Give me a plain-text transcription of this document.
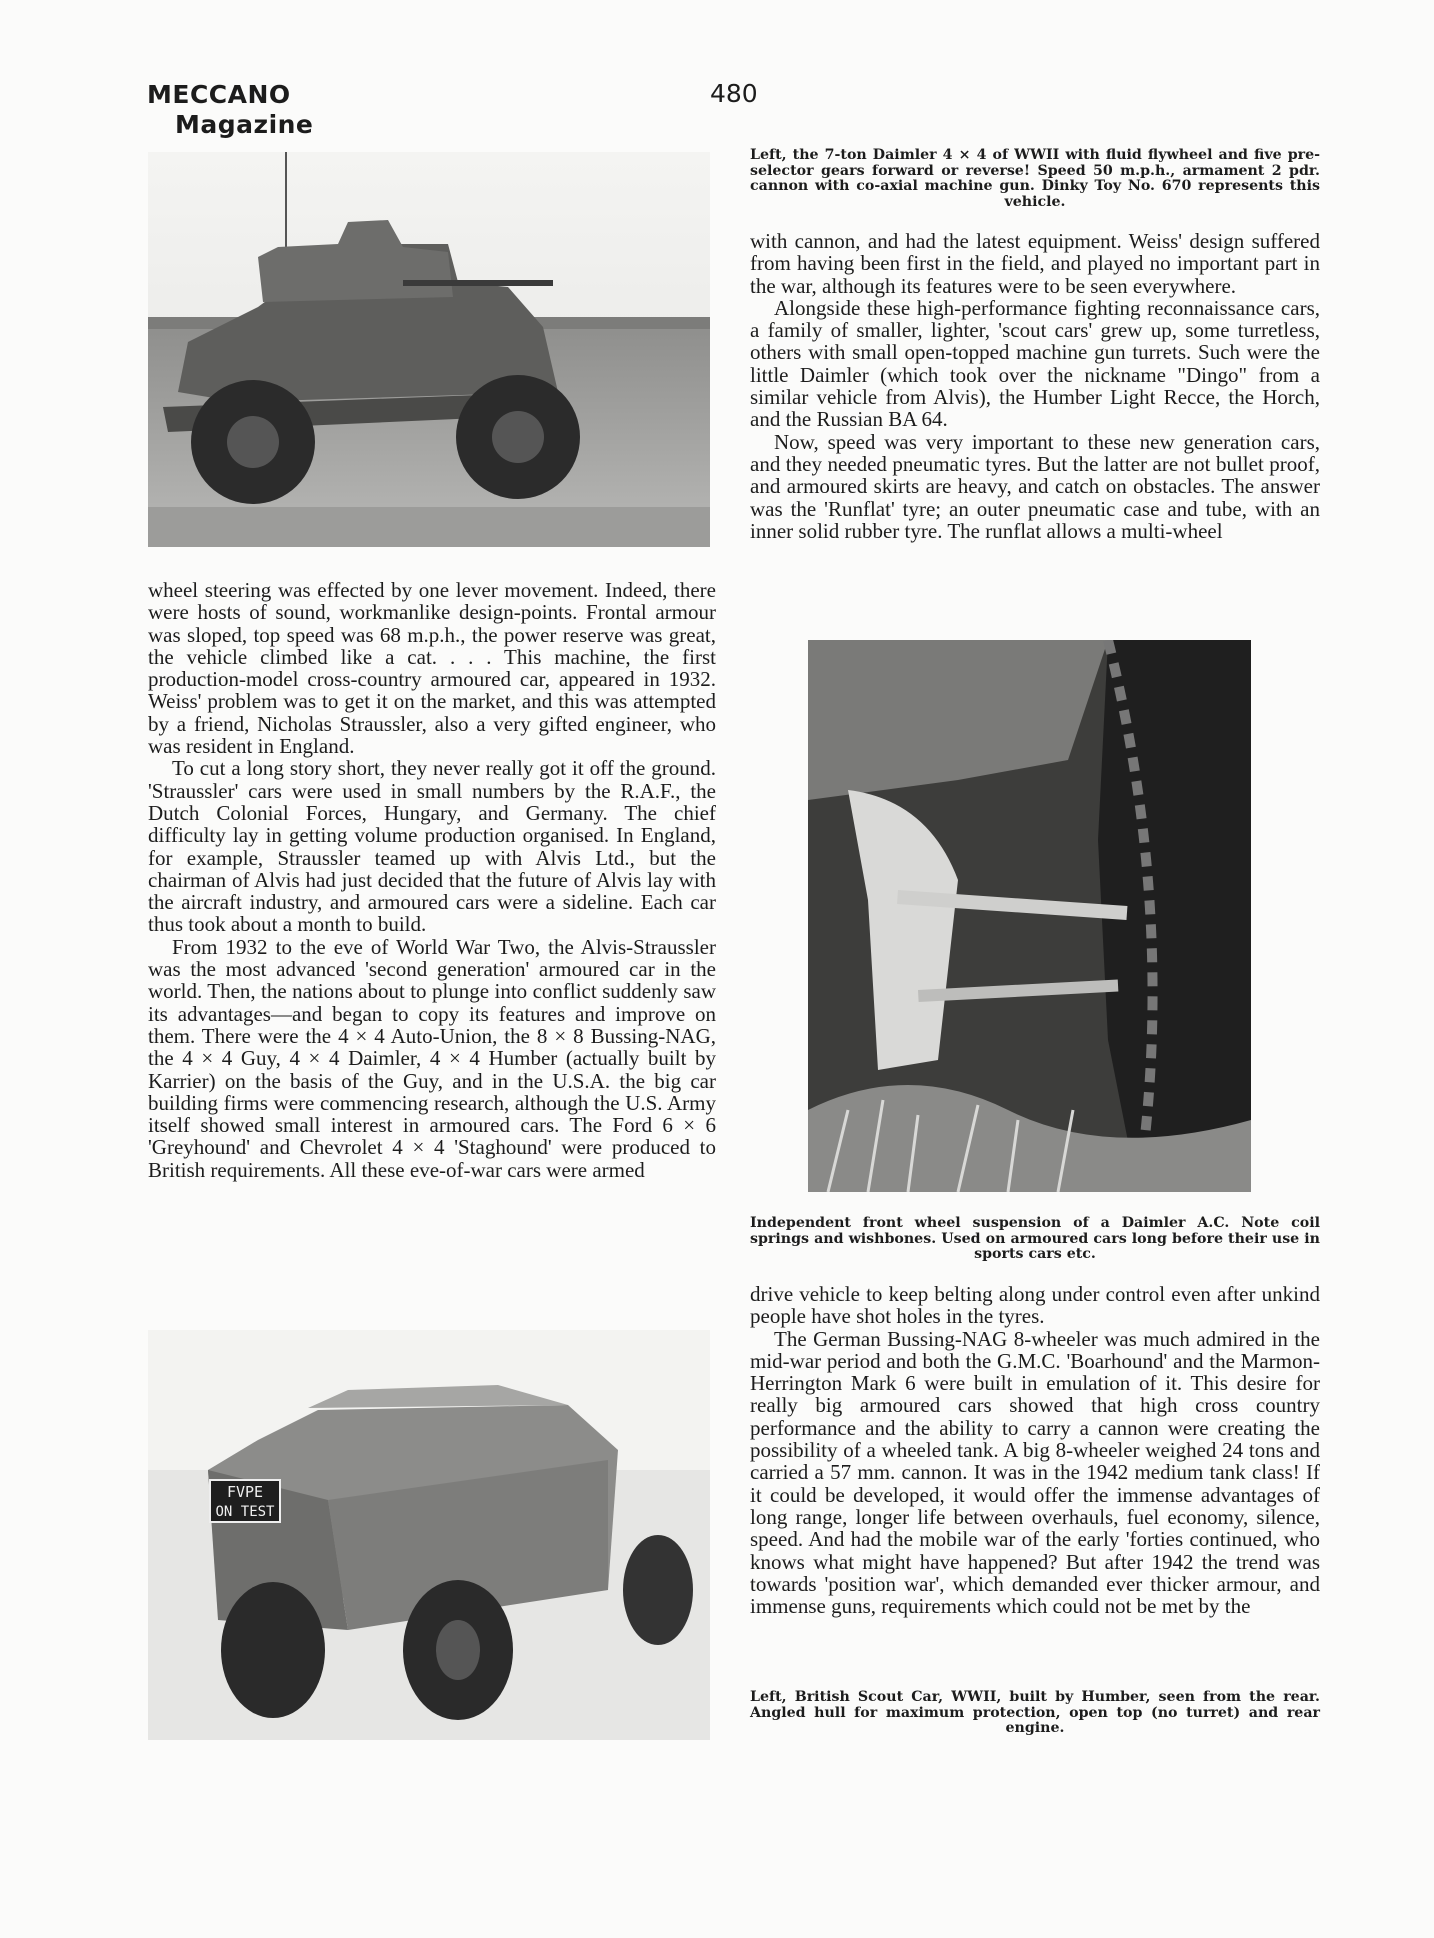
MECCANO
Magazine
480
Left, the 7-ton Daimler 4 × 4 of WWII with fluid flywheel and five pre-selector gears forward or reverse! Speed 50 m.p.h., armament 2 pdr. cannon with co-axial machine gun. Dinky Toy No. 670 represents this vehicle.

with cannon, and had the latest equipment. Weiss' design suffered from having been first in the field, and played no important part in the war, although its features were to be seen everywhere.

Alongside these high-performance fighting reconnaissance cars, a family of smaller, lighter, 'scout cars' grew up, some turretless, others with small open-topped machine gun turrets. Such were the little Daimler (which took over the nickname "Dingo" from a similar vehicle from Alvis), the Humber Light Recce, the Horch, and the Russian BA 64.

Now, speed was very important to these new generation cars, and they needed pneumatic tyres. But the latter are not bullet proof, and armoured skirts are heavy, and catch on obstacles. The answer was the 'Runflat' tyre; an outer pneumatic case and tube, with an inner solid rubber tyre. The runflat allows a multi-wheel

wheel steering was effected by one lever movement. Indeed, there were hosts of sound, workmanlike design-points. Frontal armour was sloped, top speed was 68 m.p.h., the power reserve was great, the vehicle climbed like a cat. . . . This machine, the first production-model cross-country armoured car, appeared in 1932. Weiss' problem was to get it on the market, and this was attempted by a friend, Nicholas Straussler, also a very gifted engineer, who was resident in England.

To cut a long story short, they never really got it off the ground. 'Straussler' cars were used in small numbers by the R.A.F., the Dutch Colonial Forces, Hungary, and Germany. The chief difficulty lay in getting volume production organised. In England, for example, Straussler teamed up with Alvis Ltd., but the chairman of Alvis had just decided that the future of Alvis lay with the aircraft industry, and armoured cars were a sideline. Each car thus took about a month to build.

From 1932 to the eve of World War Two, the Alvis-Straussler was the most advanced 'second generation' armoured car in the world. Then, the nations about to plunge into conflict suddenly saw its advantages—and began to copy its features and improve on them. There were the 4 × 4 Auto-Union, the 8 × 8 Bussing-NAG, the 4 × 4 Guy, 4 × 4 Daimler, 4 × 4 Humber (actually built by Karrier) on the basis of the Guy, and in the U.S.A. the big car building firms were commencing research, although the U.S. Army itself showed small interest in armoured cars. The Ford 6 × 6 'Greyhound' and Chevrolet 4 × 4 'Staghound' were produced to British requirements. All these eve-of-war cars were armed

Independent front wheel suspension of a Daimler A.C. Note coil springs and wishbones. Used on armoured cars long before their use in sports cars etc.

drive vehicle to keep belting along under control even after unkind people have shot holes in the tyres.

The German Bussing-NAG 8-wheeler was much admired in the mid-war period and both the G.M.C. 'Boarhound' and the Marmon-Herrington Mark 6 were built in emulation of it. This desire for really big armoured cars showed that high cross country performance and the ability to carry a cannon were creating the possibility of a wheeled tank. A big 8-wheeler weighed 24 tons and carried a 57 mm. cannon. It was in the 1942 medium tank class! If it could be developed, it would offer the immense advantages of long range, longer life between overhauls, fuel economy, silence, speed. And had the mobile war of the early 'forties continued, who knows what might have happened? But after 1942 the trend was towards 'position war', which demanded ever thicker armour, and immense guns, requirements which could not be met by the

FVPE
ON TEST
Left, British Scout Car, WWII, built by Humber, seen from the rear. Angled hull for maximum protection, open top (no turret) and rear engine.
